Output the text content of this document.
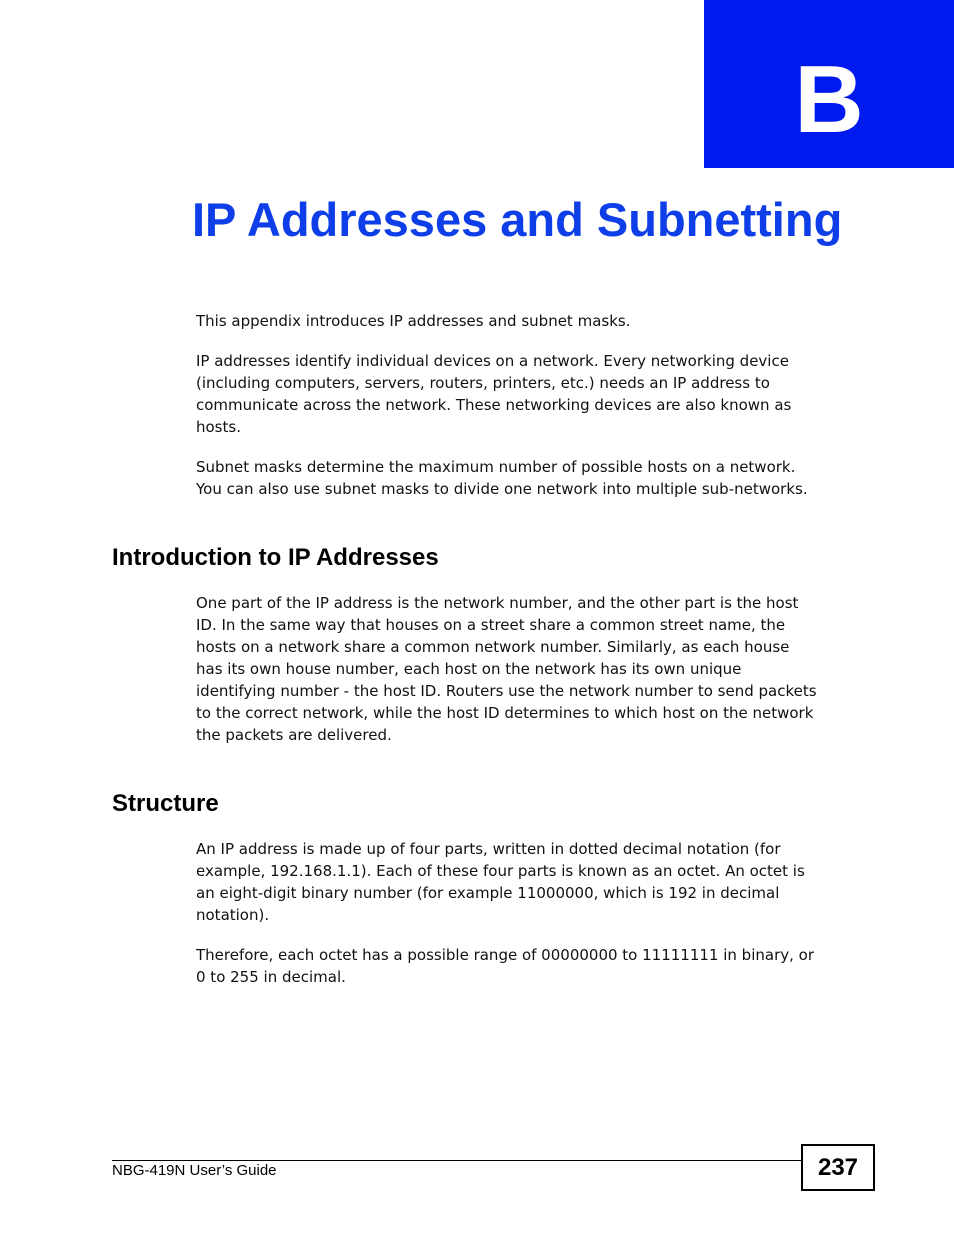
B
IP Addresses and Subnetting

This appendix introduces IP addresses and subnet masks.

IP addresses identify individual devices on a network. Every networking device
(including computers, servers, routers, printers, etc.) needs an IP address to
communicate across the network. These networking devices are also known as
hosts.

Subnet masks determine the maximum number of possible hosts on a network.
You can also use subnet masks to divide one network into multiple sub-networks.

Introduction to IP Addresses

One part of the IP address is the network number, and the other part is the host
ID. In the same way that houses on a street share a common street name, the
hosts on a network share a common network number. Similarly, as each house
has its own house number, each host on the network has its own unique
identifying number - the host ID. Routers use the network number to send packets
to the correct network, while the host ID determines to which host on the network
the packets are delivered.

Structure

An IP address is made up of four parts, written in dotted decimal notation (for
example, 192.168.1.1). Each of these four parts is known as an octet. An octet is
an eight-digit binary number (for example 11000000, which is 192 in decimal
notation).

Therefore, each octet has a possible range of 00000000 to 11111111 in binary, or
0 to 255 in decimal.

NBG-419N User’s Guide	237
